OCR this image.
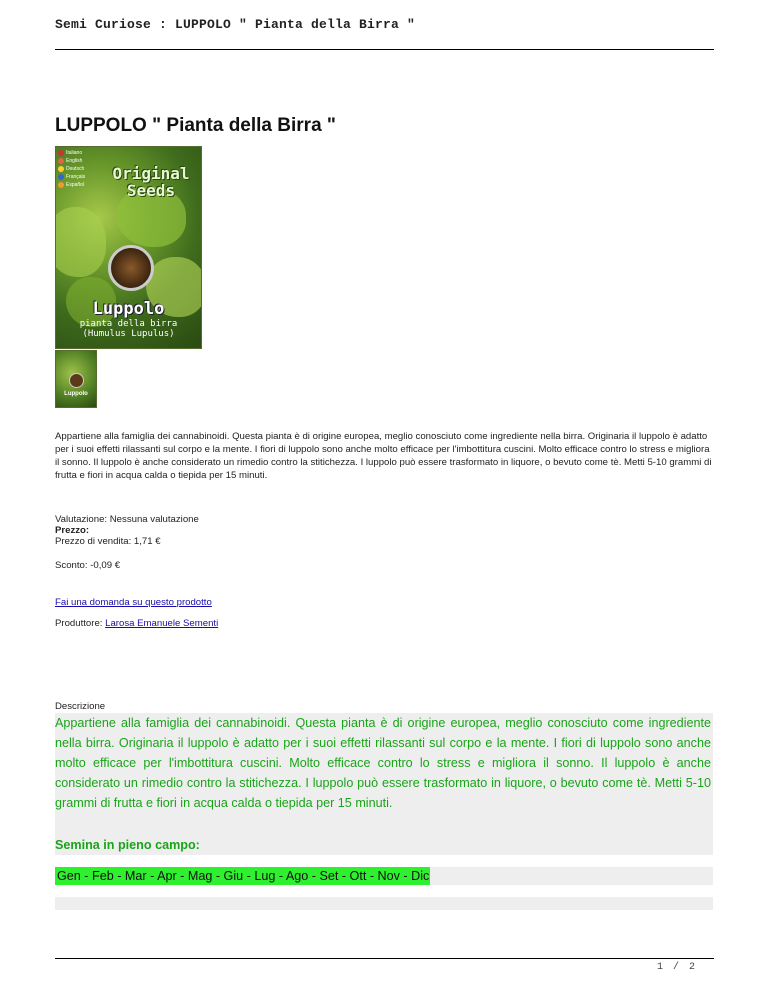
Semi Curiose : LUPPOLO " Pianta della Birra "
LUPPOLO " Pianta della Birra "
Italiano
English
Deutsch
Français
Español
Original Seeds
Luppolo
pianta della birra
(Humulus Lupulus)
Luppolo

Appartiene alla famiglia dei cannabinoidi. Questa pianta è di origine europea, meglio conosciuto come ingrediente nella birra. Originaria il luppolo è adatto per i suoi effetti rilassanti sul corpo e la mente. I fiori di luppolo sono anche molto efficace per l'imbottitura cuscini. Molto efficace contro lo stress e migliora il sonno. Il luppolo è anche considerato un rimedio contro la stitichezza. I luppolo può essere trasformato in liquore, o bevuto come tè. Metti 5-10 grammi di frutta e fiori in acqua calda o tiepida per 15 minuti.

Valutazione: Nessuna valutazione

Prezzo:

Prezzo di vendita: 1,71 €

Sconto: -0,09 €

Fai una domanda su questo prodotto

Produttore: Larosa Emanuele Sementi

Descrizione

Appartiene alla famiglia dei cannabinoidi. Questa pianta è di origine europea, meglio conosciuto come ingrediente nella birra. Originaria il luppolo è adatto per i suoi effetti rilassanti sul corpo e la mente. I fiori di luppolo sono anche molto efficace per l'imbottitura cuscini. Molto efficace contro lo stress e migliora il sonno. Il luppolo è anche considerato un rimedio contro la stitichezza. I luppolo può essere trasformato in liquore, o bevuto come tè. Metti 5-10 grammi di frutta e fiori in acqua calda o tiepida per 15 minuti.

Semina in pieno campo:

Gen - Feb - Mar - Apr - Mag - Giu - Lug - Ago - Set - Ott - Nov - Dic
1 / 2
